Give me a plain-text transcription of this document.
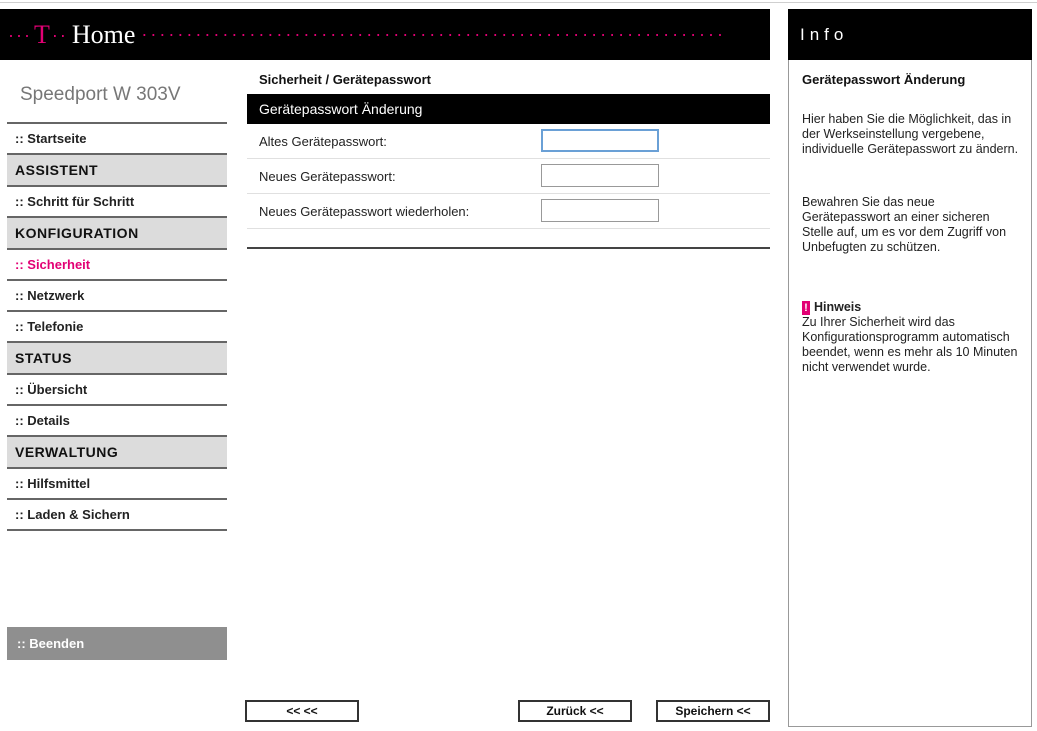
··· T ·· Home ·································································	Info
Speedport W 303V
:: Startseite
ASSISTENT
:: Schritt für Schritt
KONFIGURATION
:: Sicherheit
:: Netzwerk
:: Telefonie
STATUS
:: Übersicht
:: Details
VERWALTUNG
:: Hilfsmittel
:: Laden & Sichern
:: Beenden
Sicherheit / Gerätepasswort
Gerätepasswort Änderung
Altes Gerätepasswort:
Neues Gerätepasswort:
Neues Gerätepasswort wiederholen:
<< <<	Zurück <<	Speichern <<
Gerätepasswort Änderung
Hier haben Sie die Möglichkeit, das in der Werkseinstellung vergebene, individuelle Gerätepasswort zu ändern.
Bewahren Sie das neue Gerätepasswort an einer sicheren Stelle auf, um es vor dem Zugriff von Unbefugten zu schützen.
! Hinweis
Zu Ihrer Sicherheit wird das Konfigurationsprogramm automatisch beendet, wenn es mehr als 10 Minuten nicht verwendet wurde.
